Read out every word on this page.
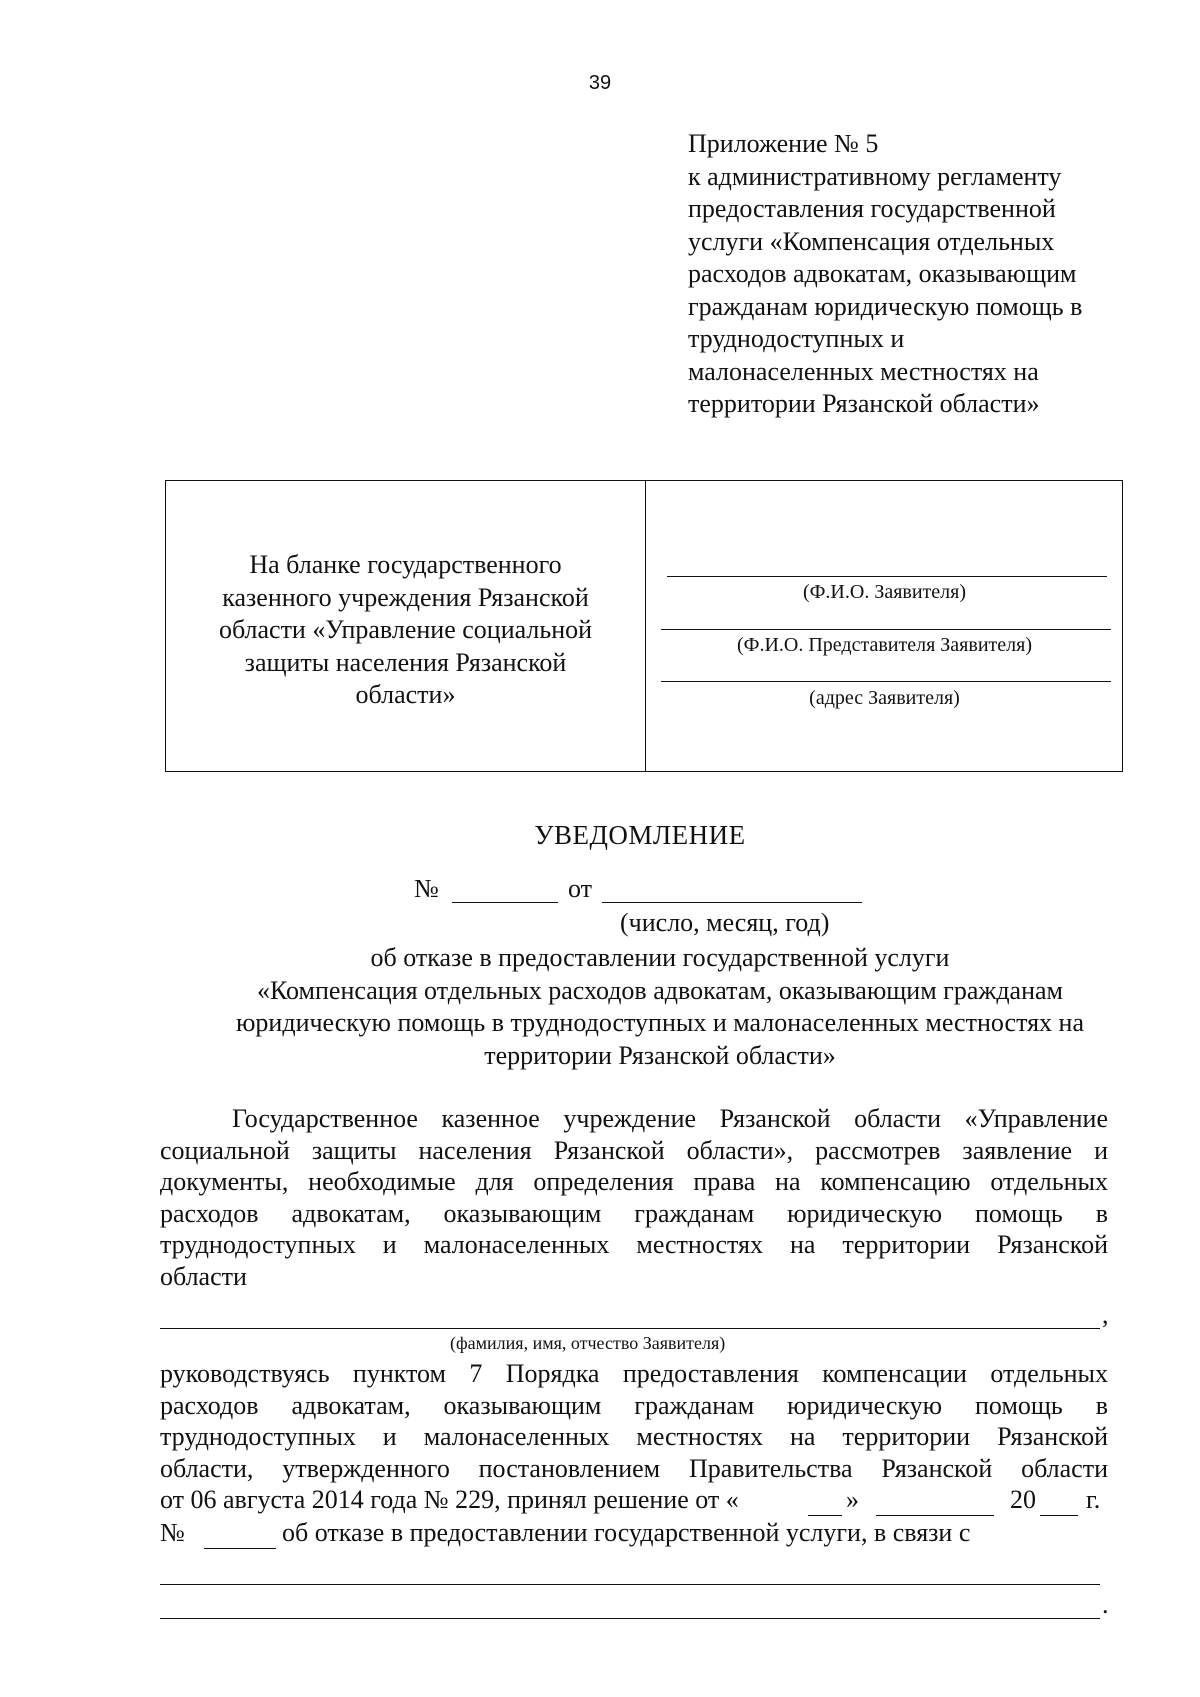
39
Приложение № 5
к административному регламенту
предоставления государственной
услуги «Компенсация отдельных
расходов адвокатам, оказывающим
гражданам юридическую помощь в
труднодоступных и
малонаселенных местностях на
территории Рязанской области»
На бланке государственного
казенного учреждения Рязанской
области «Управление социальной
защиты населения Рязанской
области»
(Ф.И.О. Заявителя)
(Ф.И.О. Представителя Заявителя)
(адрес Заявителя)
УВЕДОМЛЕНИЕ
№	от
(число, месяц, год)
об отказе в предоставлении государственной услуги
«Компенсация отдельных расходов адвокатам, оказывающим гражданам
юридическую помощь в труднодоступных и малонаселенных местностях на
территории Рязанской области»
Государственное казенное учреждение Рязанской области «Управление
социальной защиты населения Рязанской области», рассмотрев заявление и
документы, необходимые для определения права на компенсацию отдельных
расходов адвокатам, оказывающим гражданам юридическую помощь в
труднодоступных и малонаселенных местностях на территории Рязанской
области
,
(фамилия, имя, отчество Заявителя)
руководствуясь пунктом 7 Порядка предоставления компенсации отдельных
расходов адвокатам, оказывающим гражданам юридическую помощь в
труднодоступных и малонаселенных местностях на территории Рязанской
области, утвержденного постановлением Правительства Рязанской области
от 06 августа 2014 года № 229, принял решение от «	»	20 г.
№	об отказе в предоставлении государственной услуги, в связи с
.
